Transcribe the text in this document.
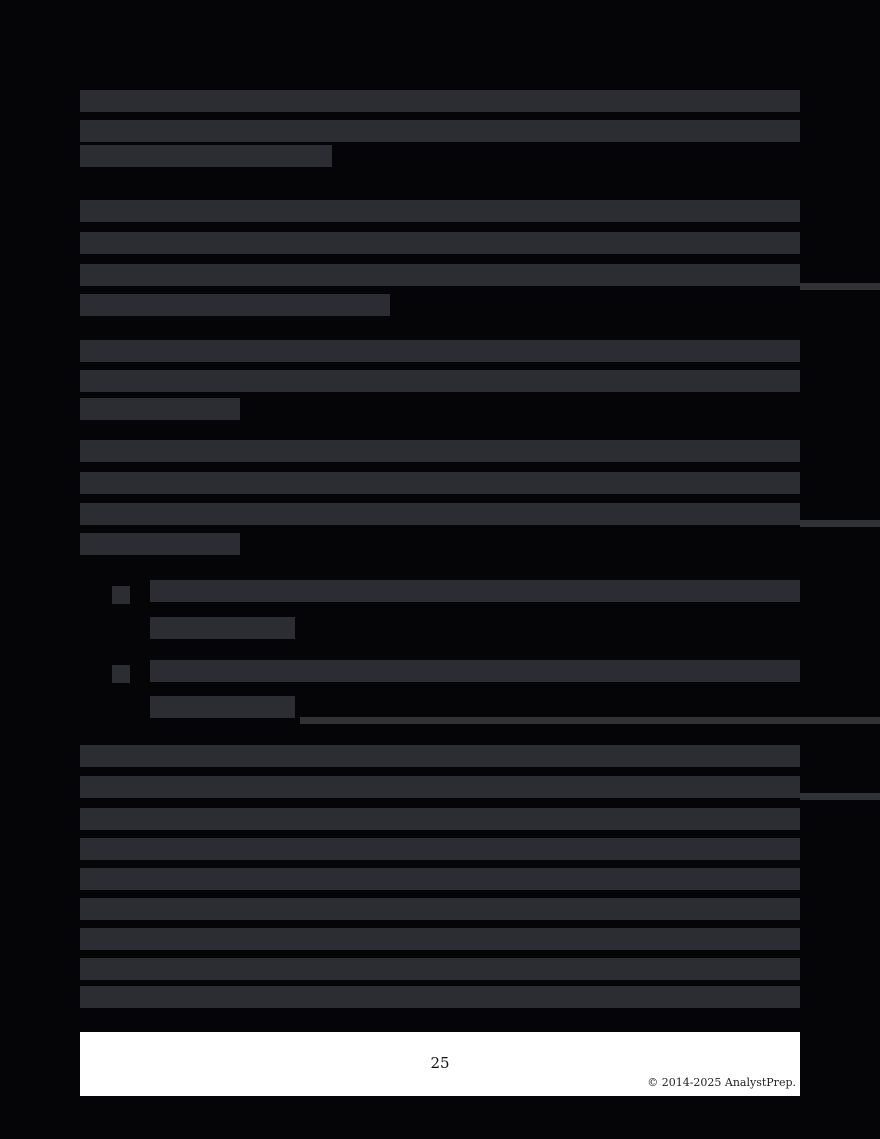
25
© 2014-2025 AnalystPrep.
